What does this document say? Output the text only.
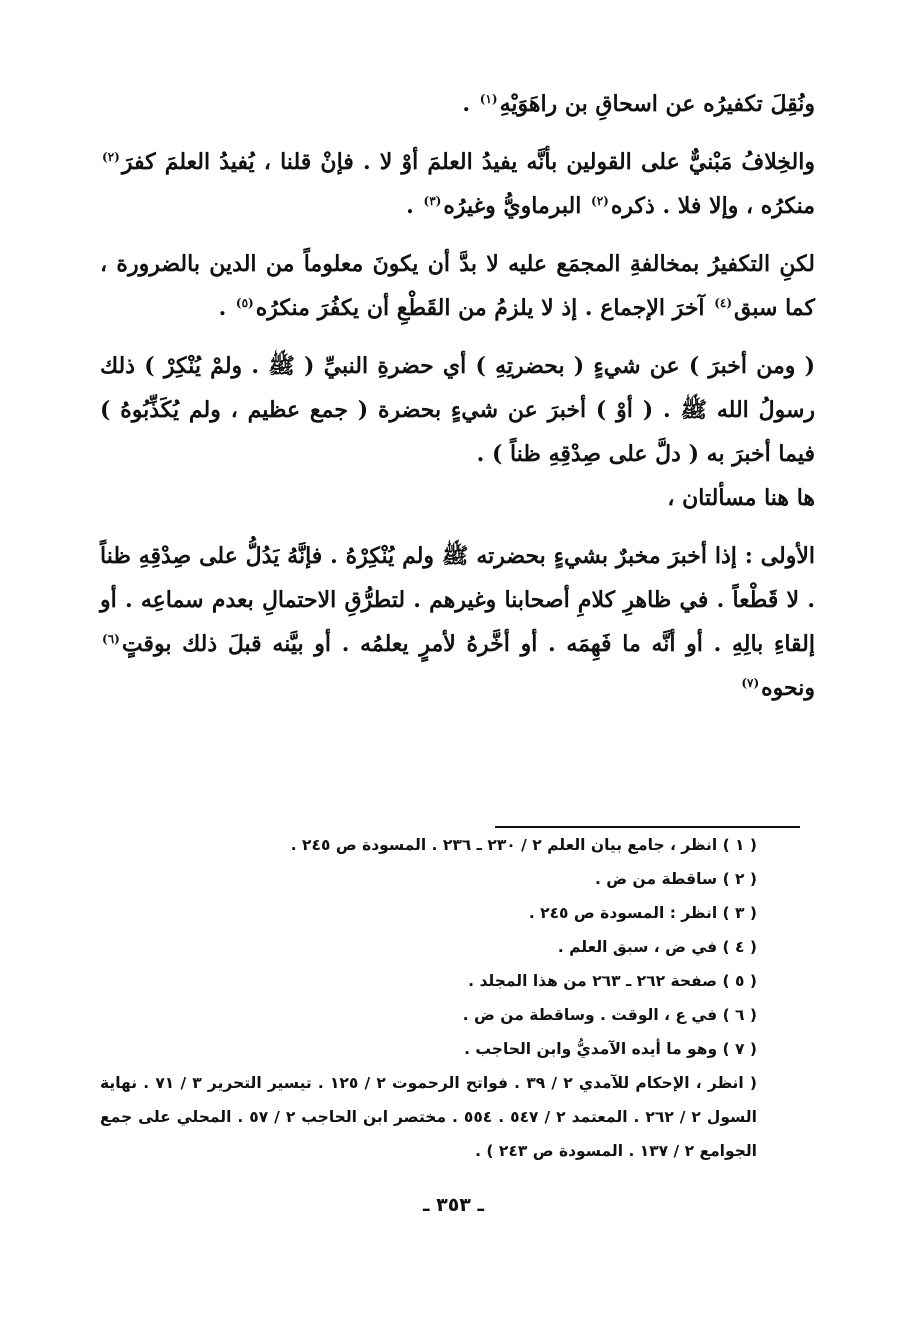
ونُقِلَ تكفيرُه عن اسحاقِ بن راهَوَيْهِ$^{(١)}$ .

والخِلافُ مَبْنيٌّ على القولين بأنَّه يفيدُ العلمَ أوْ لا . فإنْ قلنا ، يُفيدُ العلمَ كفرَ$^{(٢)}$ منكرُه ، وإلا فلا . ذكره$^{(٢)}$ البرماويُّ وغيرُه$^{(٣)}$ .

لكنِ التكفيرُ بمخالفةِ المجمَع عليه لا بدَّ أن يكونَ معلوماً من الدين بالضرورة ، كما سبق$^{(٤)}$ آخرَ الإجماع . إذ لا يلزمُ من القَطْعِ أن يكفُرَ منكرُه$^{(٥)}$ .

( ومن أخبرَ ) عن شيءٍ ( بحضرتِهِ ) أي حضرةِ النبيِّ ( ﷺ . ولمْ يُنْكِرْ ) ذلك رسولُ الله ﷺ . ( أوْ ) أخبرَ عن شيءٍ بحضرة ( جمع عظيم ، ولم يُكَذِّبُوهُ ) فيما أخبرَ به ( دلَّ على صِدْقِهِ ظناً ) .

ها هنا مسألتان ،

الأولى : إذا أخبرَ مخبرٌ بشيءٍ بحضرته ﷺ ولم يُنْكِرْهُ . فإنَّهُ يَدُلُّ على صِدْقِهِ ظناً . لا قَطْعاً . في ظاهرِ كلامِ أصحابنا وغيرهم . لتطرُّقِ الاحتمالِ بعدم سماعِه . أو إلقاءِ بالِهِ . أو أنَّه ما فَهِمَه . أو أخَّرهُ لأمرٍ يعلمُه . أو بيَّنه قبلَ ذلك بوقتٍ$^{(٦)}$ ونحوه$^{(٧)}$

( ١ ) انظر ، جامع بيان العلم ٢ / ٢٣٠ ـ ٢٣٦ . المسودة ص ٢٤٥ .
( ٢ ) ساقطة من ض .
( ٣ ) انظر : المسودة ص ٢٤٥ .
( ٤ ) في ض ، سبق العلم .
( ٥ ) صفحة ٢٦٢ ـ ٢٦٣ من هذا المجلد .
( ٦ ) في ع ، الوقت . وساقطة من ض .
( ٧ ) وهو ما أيده الآمديُّ وابن الحاجب .
( انظر ، الإحكام للآمدي ٢ / ٣٩ . فواتح الرحموت ٢ / ١٢٥ . تيسير التحرير ٣ / ٧١ . نهاية السول ٢ / ٢٦٢ . المعتمد ٢ / ٥٤٧ . ٥٥٤ . مختصر ابن الحاجب ٢ / ٥٧ . المحلي على جمع الجوامع ٢ / ١٣٧ . المسودة ص ٢٤٣ ) .
ـ ٣٥٣ ـ
